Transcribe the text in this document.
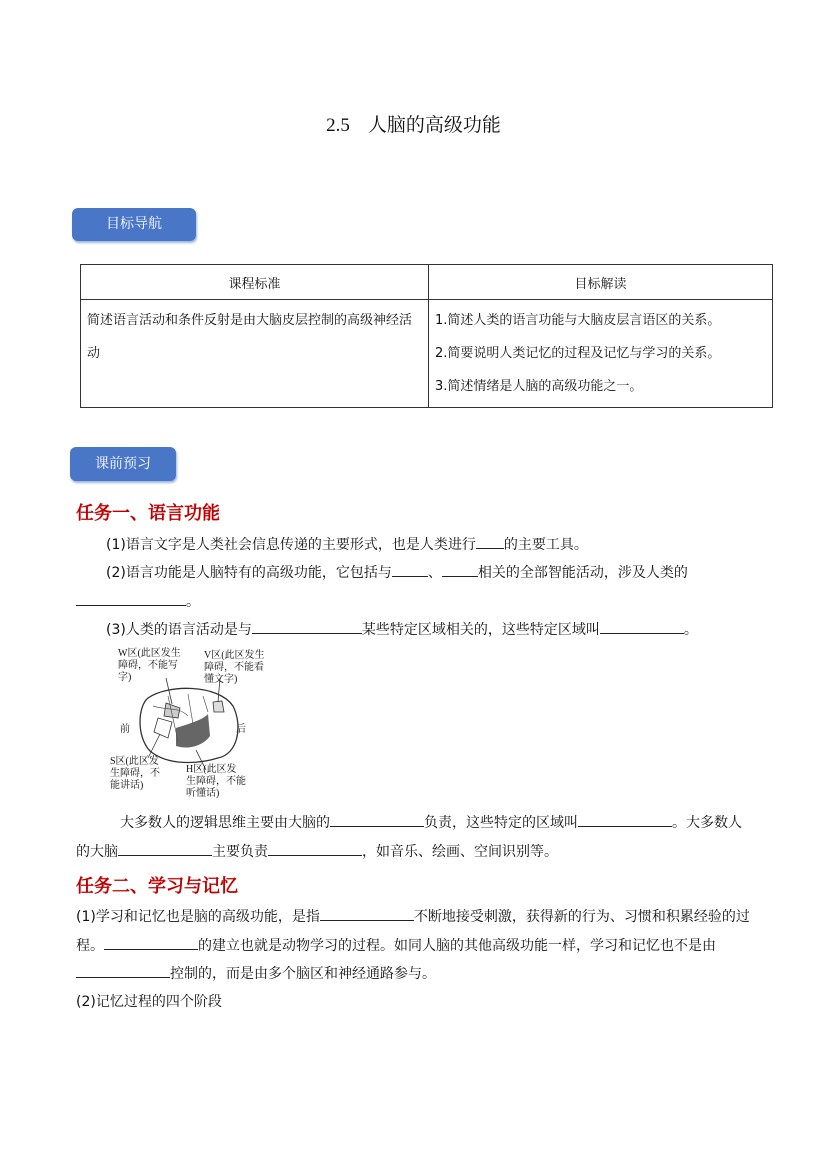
2.5 人脑的高级功能
目标导航
课程标准	目标解读
简述语言活动和条件反射是由大脑皮层控制的高级神经活动	1.简述人类的语言功能与大脑皮层言语区的关系。
2.简要说明人类记忆的过程及记忆与学习的关系。
3.简述情绪是人脑的高级功能之一。
课前预习
任务一、语言功能
(1)语言文字是人类社会信息传递的主要形式，也是人类进行 的主要工具。
(2)语言功能是人脑特有的高级功能，它包括与	、	相关的全部智能活动，涉及人类的。
(3)人类的语言活动是与	某些特定区域相关的，这些特定区域叫	。
W区(此区发生障碍，不能写字)
V区(此区发生障碍，不能看懂文字)
前	后
S区(此区发生障碍，不能讲话)
H区(此区发生障碍，不能听懂话)
大多数人的逻辑思维主要由大脑的	负责，这些特定的区域叫	。大多数人的大脑	主要负责	，如音乐、绘画、空间识别等。
任务二、学习与记忆
(1)学习和记忆也是脑的高级功能，是指	不断地接受刺激，获得新的行为、习惯和积累经验的过程。	的建立也就是动物学习的过程。如同人脑的其他高级功能一样，学习和记忆也不是由控制的，而是由多个脑区和神经通路参与。
(2)记忆过程的四个阶段
